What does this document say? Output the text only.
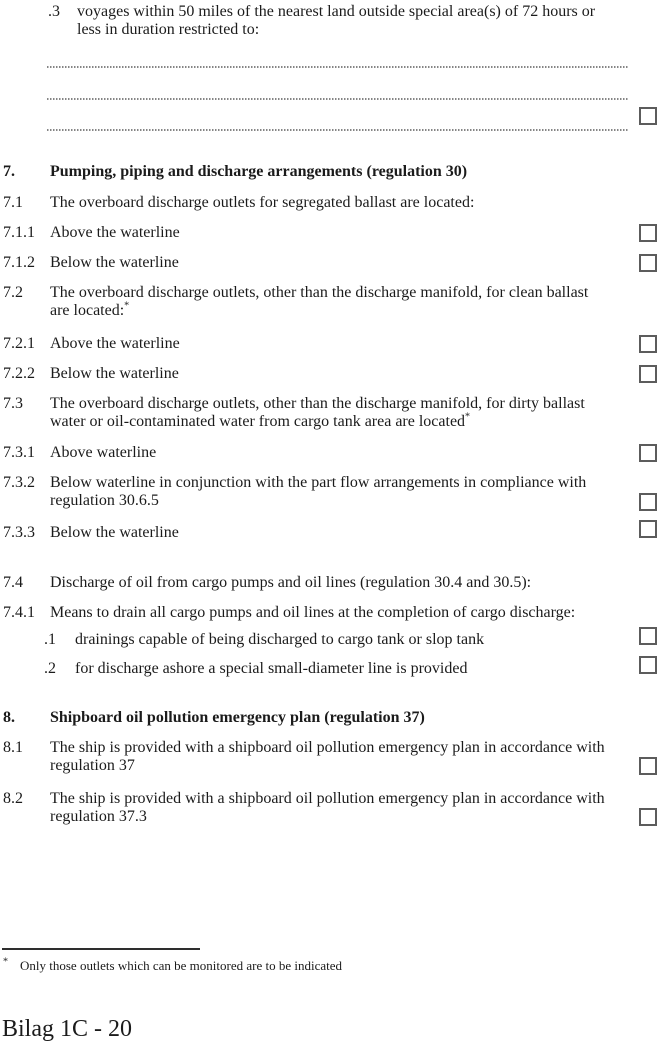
.3 voyages within 50 miles of the nearest land outside special area(s) of 72 hours or
less in duration restricted to:
7. Pumping, piping and discharge arrangements (regulation 30)
7.1 The overboard discharge outlets for segregated ballast are located:
7.1.1 Above the waterline
7.1.2 Below the waterline
7.2 The overboard discharge outlets, other than the discharge manifold, for clean ballast
are located:*
7.2.1 Above the waterline
7.2.2 Below the waterline
7.3 The overboard discharge outlets, other than the discharge manifold, for dirty ballast
water or oil-contaminated water from cargo tank area are located*
7.3.1 Above waterline
7.3.2 Below waterline in conjunction with the part flow arrangements in compliance with
regulation 30.6.5
7.3.3 Below the waterline
7.4 Discharge of oil from cargo pumps and oil lines (regulation 30.4 and 30.5):
7.4.1 Means to drain all cargo pumps and oil lines at the completion of cargo discharge:
.1 drainings capable of being discharged to cargo tank or slop tank
.2 for discharge ashore a special small-diameter line is provided
8. Shipboard oil pollution emergency plan (regulation 37)
8.1 The ship is provided with a shipboard oil pollution emergency plan in accordance with
regulation 37
8.2 The ship is provided with a shipboard oil pollution emergency plan in accordance with
regulation 37.3
* Only those outlets which can be monitored are to be indicated
Bilag 1C - 20
